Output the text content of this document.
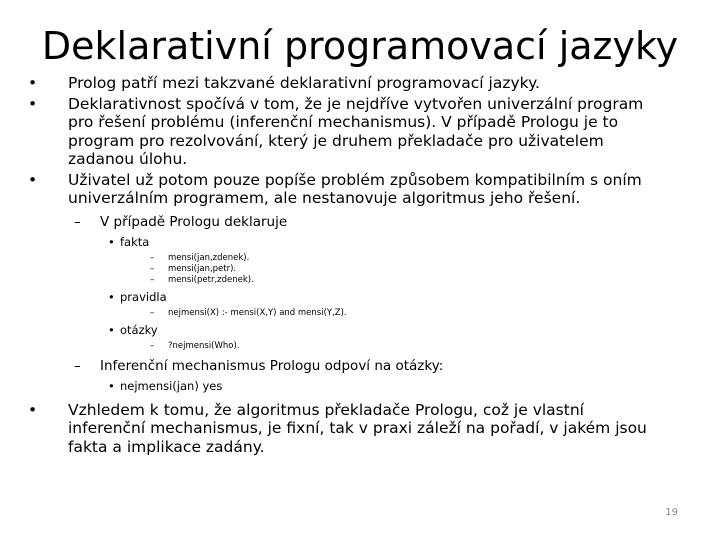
Deklarativní programovací jazyky
• Prolog patří mezi takzvané deklarativní programovací jazyky.
• Deklarativnost spočívá v tom, že je nejdříve vytvořen univerzální program
pro řešení problému (inferenční mechanismus). V případě Prologu je to
program pro rezolvování, který je druhem překladače pro uživatelem
zadanou úlohu.
• Uživatel už potom pouze popíše problém způsobem kompatibilním s oním
univerzálním programem, ale nestanovuje algoritmus jeho řešení.
– V případě Prologu deklaruje
• fakta
– mensi(jan,zdenek).
– mensi(jan,petr).
– mensi(petr,zdenek).
• pravidla
– nejmensi(X) :- mensi(X,Y) and mensi(Y,Z).
• otázky
– ?nejmensi(Who).
– Inferenční mechanismus Prologu odpoví na otázky:
• nejmensi(jan) yes
• Vzhledem k tomu, že algoritmus překladače Prologu, což je vlastní
inferenční mechanismus, je fixní, tak v praxi záleží na pořadí, v jakém jsou
fakta a implikace zadány.
19
